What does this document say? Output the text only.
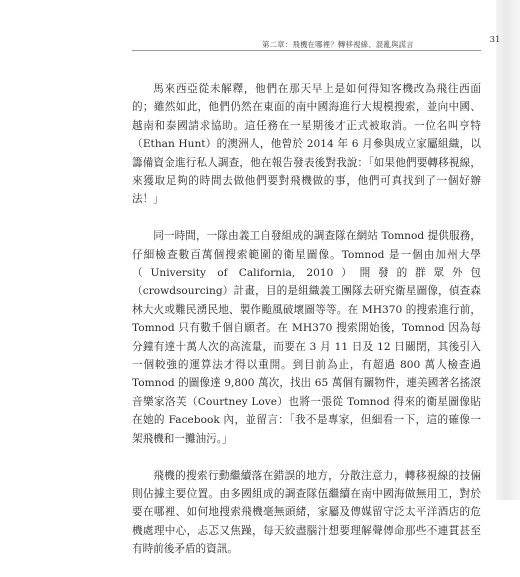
第二章：飛機在哪裡？轉移視線、混亂與謊言	31

馬來西亞從未解釋，他們在那天早上是如何得知客機改為飛往西面的；雖然如此，他們仍然在東面的南中國海進行大規模搜索，並向中國、越南和泰國請求協助。這任務在一星期後才正式被取消。一位名叫亨特（Ethan Hunt）的澳洲人，他曾於 2014 年 6 月參與成立家屬組織，以籌備資金進行私人調查，他在報告發表後對我說：「如果他們要轉移視線，來獲取足夠的時間去做他們要對飛機做的事，他們可真找到了一個好辦法！」

同一時間，一隊由義工自發組成的調查隊在網站 Tomnod 提供服務，仔細檢查數百萬個搜索範圍的衛星圖像。Tomnod 是一個由加州大學（University of California, 2010）開發的群眾外包（crowdsourcing）計畫，目的是組織義工團隊去研究衛星圖像，偵查森林大火或難民湧民地、製作颱風破壞圖等等。在 MH370 的搜索進行前，Tomnod 只有數千個自願者。在 MH370 搜索開始後，Tomnod 因為每分鐘有達十萬人次的高流量，而要在 3 月 11 日及 12 日關閉，其後引入一個較強的運算法才得以重開。到目前為止，有超過 800 萬人檢查過 Tomnod 的圖像達 9,800 萬次，找出 65 萬個有關物件，連美國著名搖滾音樂家洛芙（Courtney Love）也將一張從 Tomnod 得來的衛星圖像貼在她的 Facebook 內，並留言：「我不是專家，但細看一下，這的確像一架飛機和一攤油污。」

飛機的搜索行動繼續落在錯誤的地方，分散注意力，轉移視線的技倆則佔據主要位置。由多國組成的調查隊伍繼續在南中國海做無用工，對於要在哪裡、如何地搜索飛機毫無頭緒，家屬及傳媒留守泛太平洋酒店的危機處理中心，忐忑又焦躁，每天絞盡腦汁想要理解聲傳命那些不連貫甚至有時前後矛盾的資訊。
